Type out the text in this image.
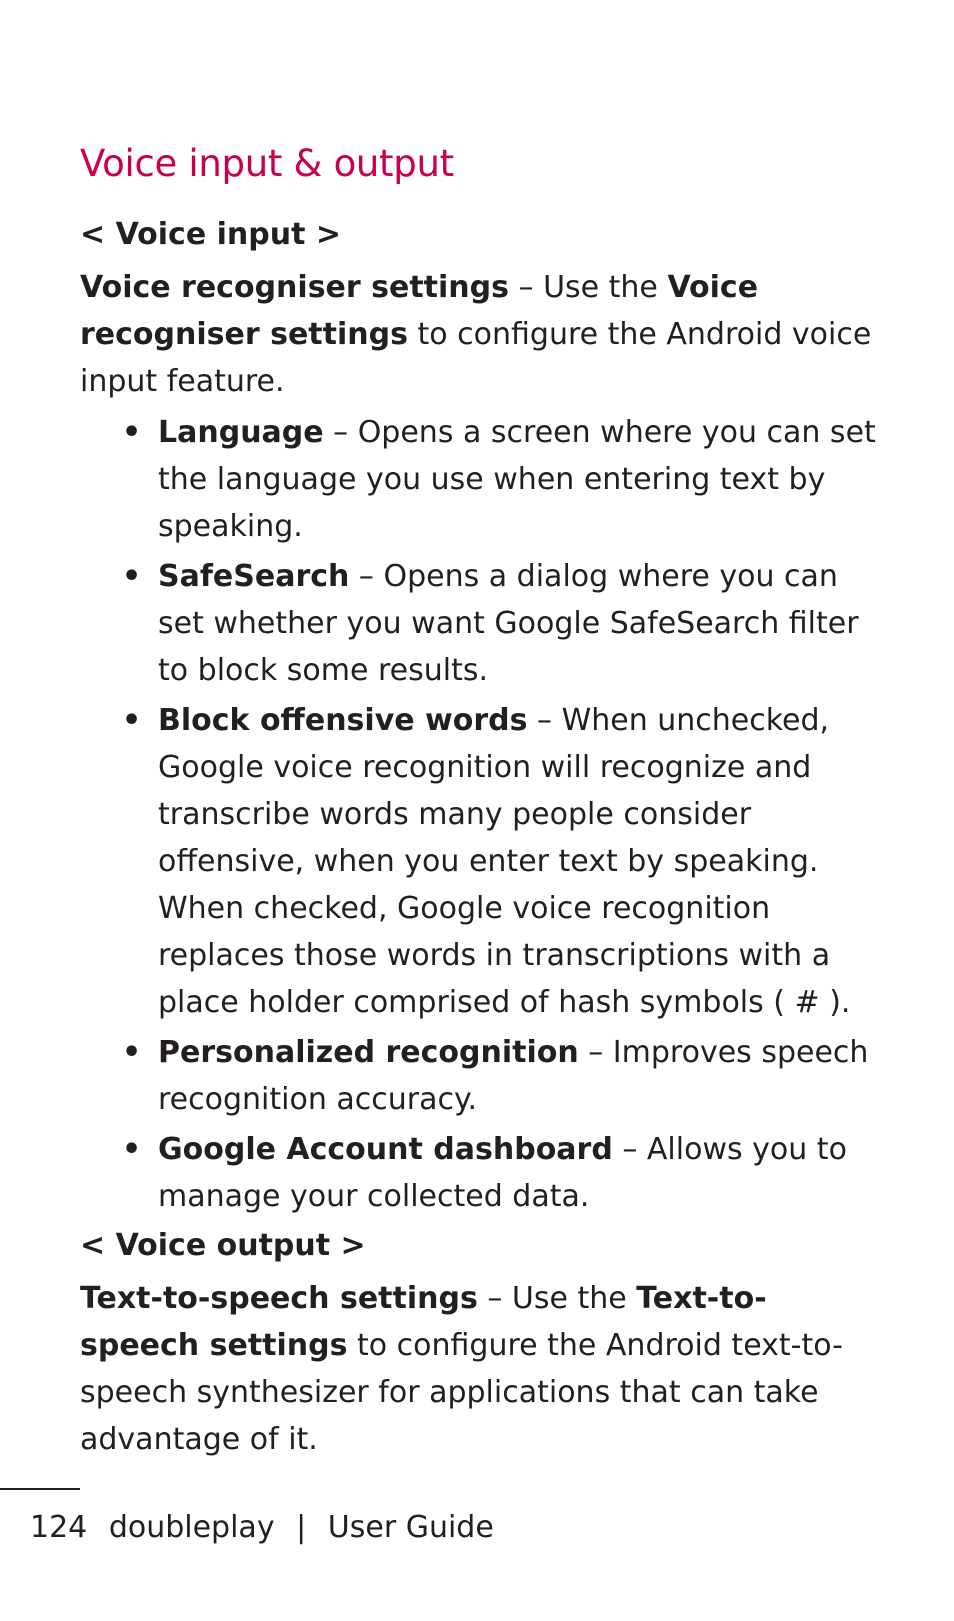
Voice input & output
< Voice input >

Voice recogniser settings – Use the Voice recogniser settings to configure the Android voice input feature.

• Language – Opens a screen where you can set the language you use when entering text by speaking.
• SafeSearch – Opens a dialog where you can set whether you want Google SafeSearch filter to block some results.
• Block offensive words – When unchecked, Google voice recognition will recognize and transcribe words many people consider offensive, when you enter text by speaking. When checked, Google voice recognition replaces those words in transcriptions with a place holder comprised of hash symbols ( # ).
• Personalized recognition – Improves speech recognition accuracy.
• Google Account dashboard – Allows you to manage your collected data.
< Voice output >

Text-to-speech settings – Use the Text-to-speech settings to configure the Android text-to-speech synthesizer for applications that can take advantage of it.

124 doubleplay | User Guide
